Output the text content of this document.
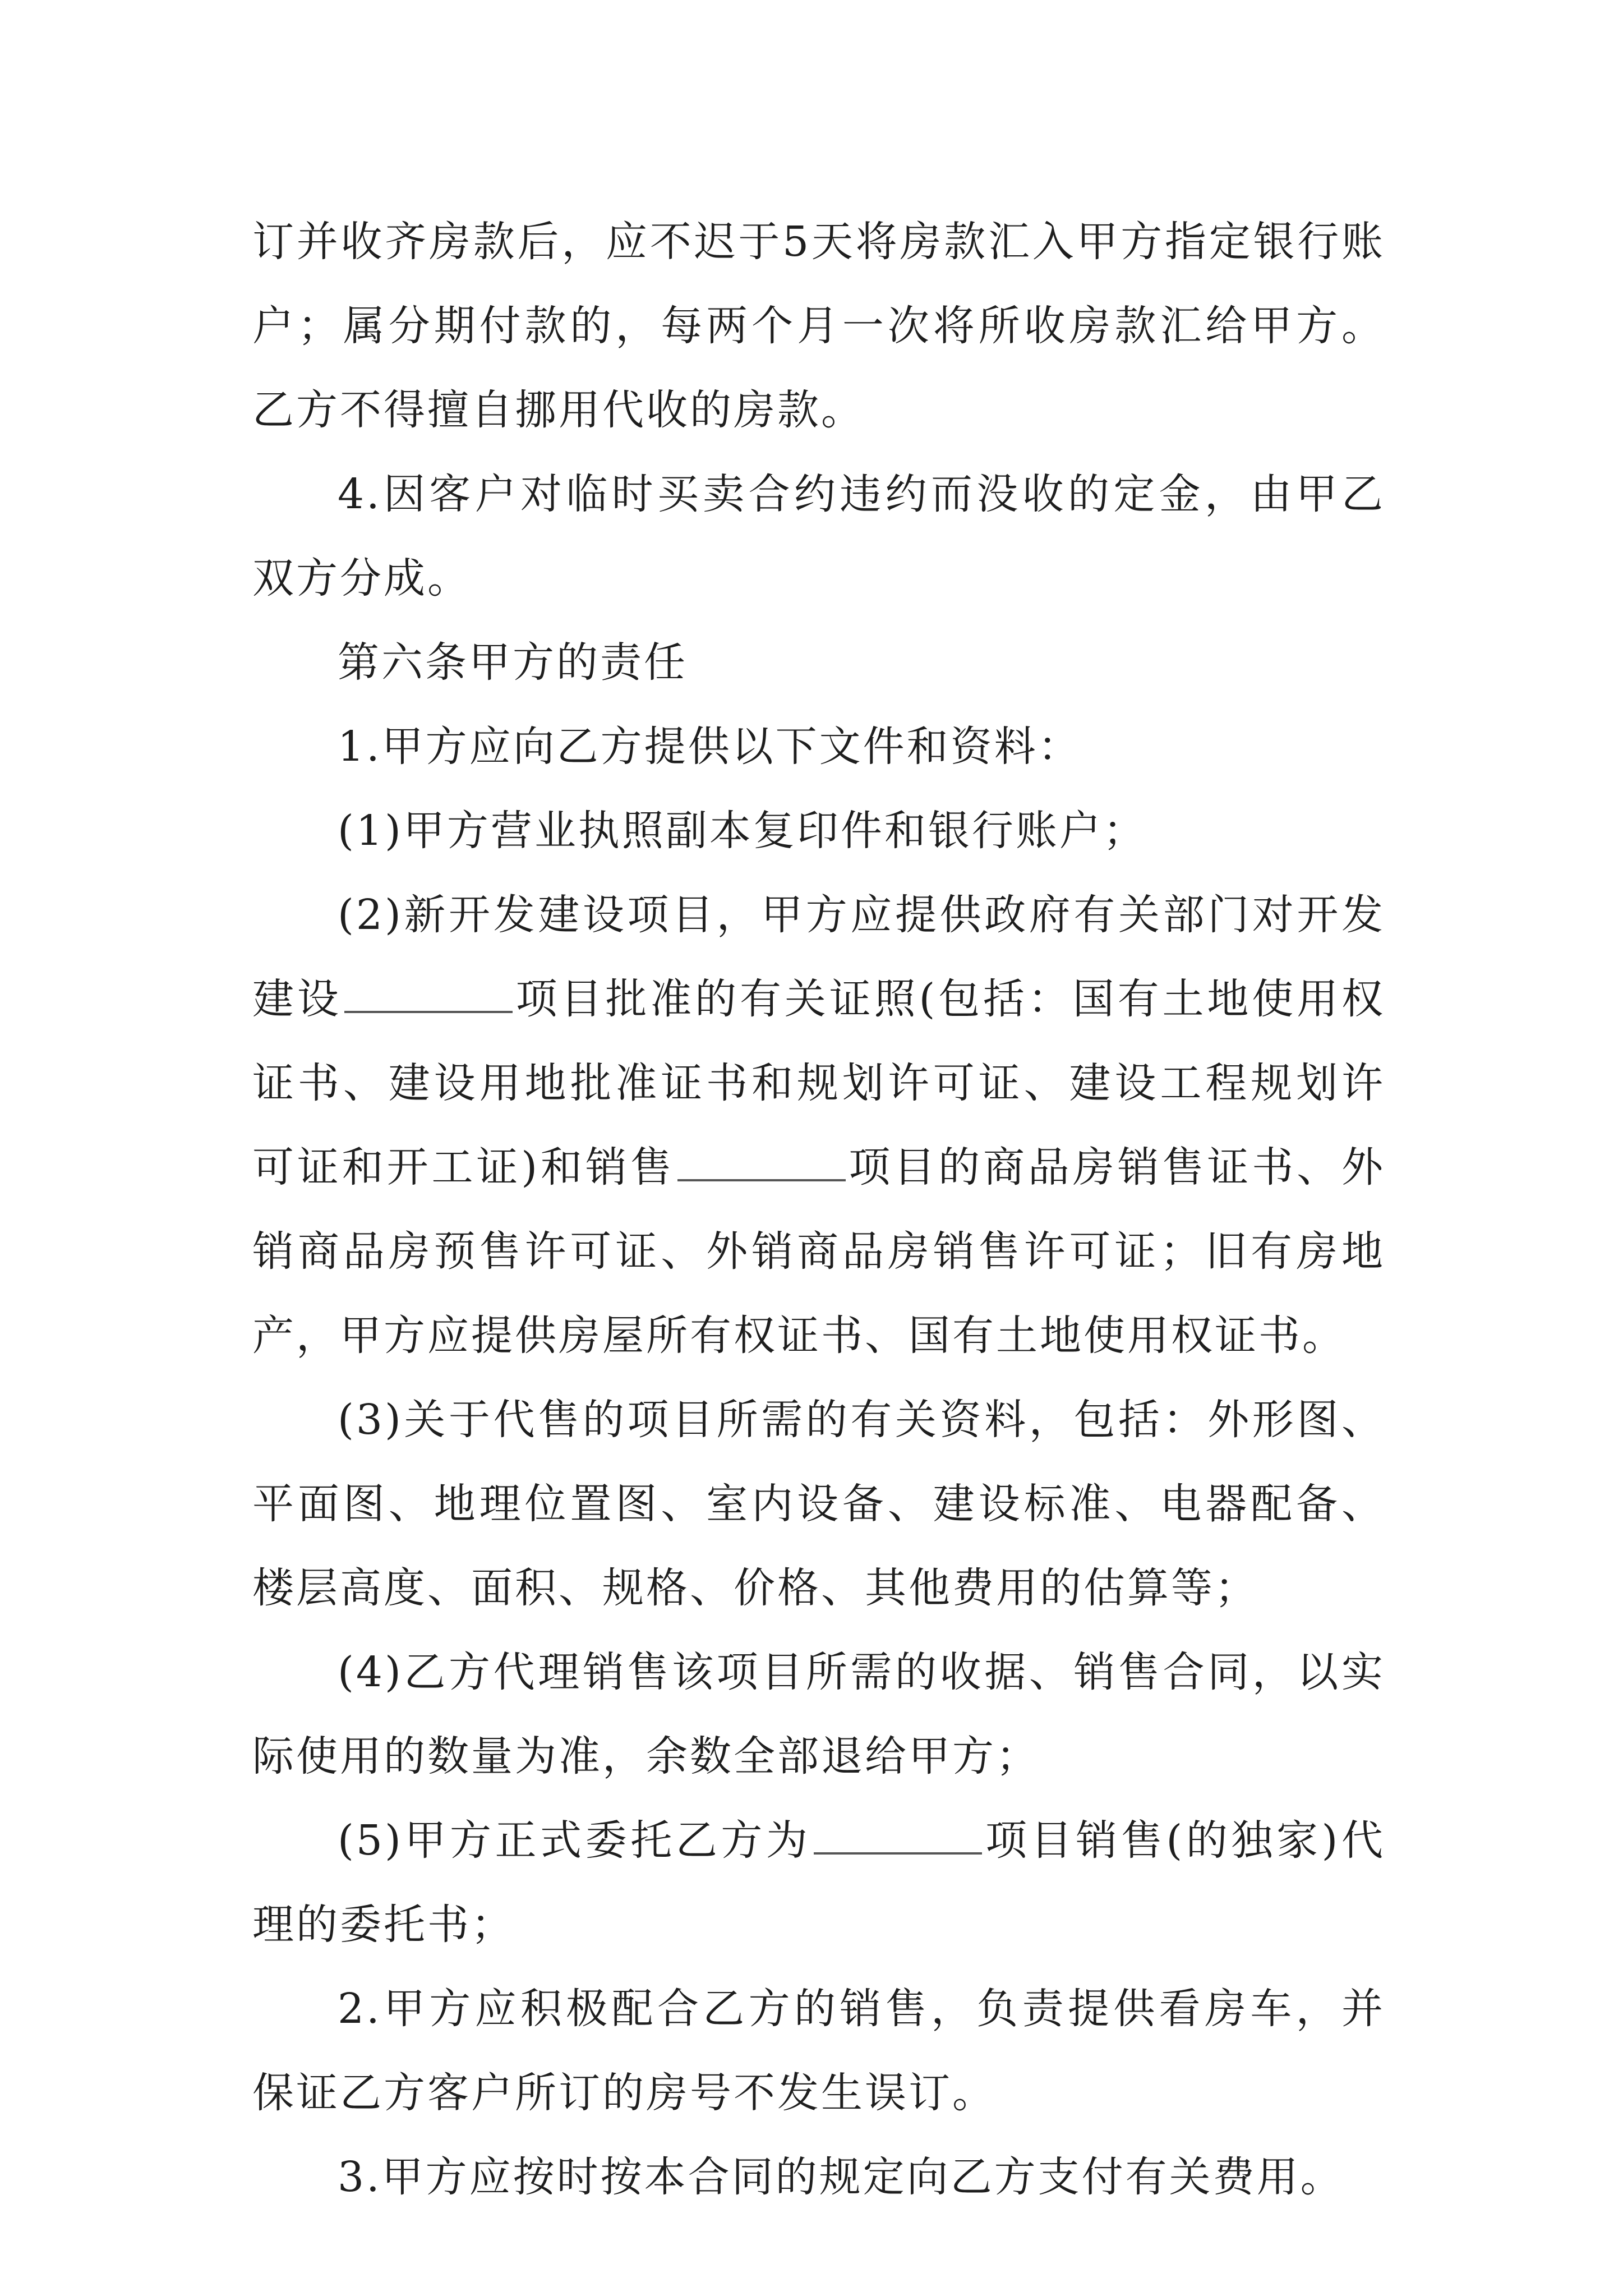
订并收齐房款后，应不迟于5天将房款汇入甲方指定银行账户；属分期付款的，每两个月一次将所收房款汇给甲方。乙方不得擅自挪用代收的房款。

4.因客户对临时买卖合约违约而没收的定金，由甲乙双方分成。

第六条甲方的责任

1.甲方应向乙方提供以下文件和资料：

(1)甲方营业执照副本复印件和银行账户；

(2)新开发建设项目，甲方应提供政府有关部门对开发建设	项目批准的有关证照(包括：国有土地使用权证书、建设用地批准证书和规划许可证、建设工程规划许可证和开工证)和销售	项目的商品房销售证书、外销商品房预售许可证、外销商品房销售许可证；旧有房地产，甲方应提供房屋所有权证书、国有土地使用权证书。

(3)关于代售的项目所需的有关资料，包括：外形图、平面图、地理位置图、室内设备、建设标准、电器配备、楼层高度、面积、规格、价格、其他费用的估算等；

(4)乙方代理销售该项目所需的收据、销售合同，以实际使用的数量为准，余数全部退给甲方；

(5)甲方正式委托乙方为	项目销售(的独家)代理的委托书；

2.甲方应积极配合乙方的销售，负责提供看房车，并保证乙方客户所订的房号不发生误订。

3.甲方应按时按本合同的规定向乙方支付有关费用。
